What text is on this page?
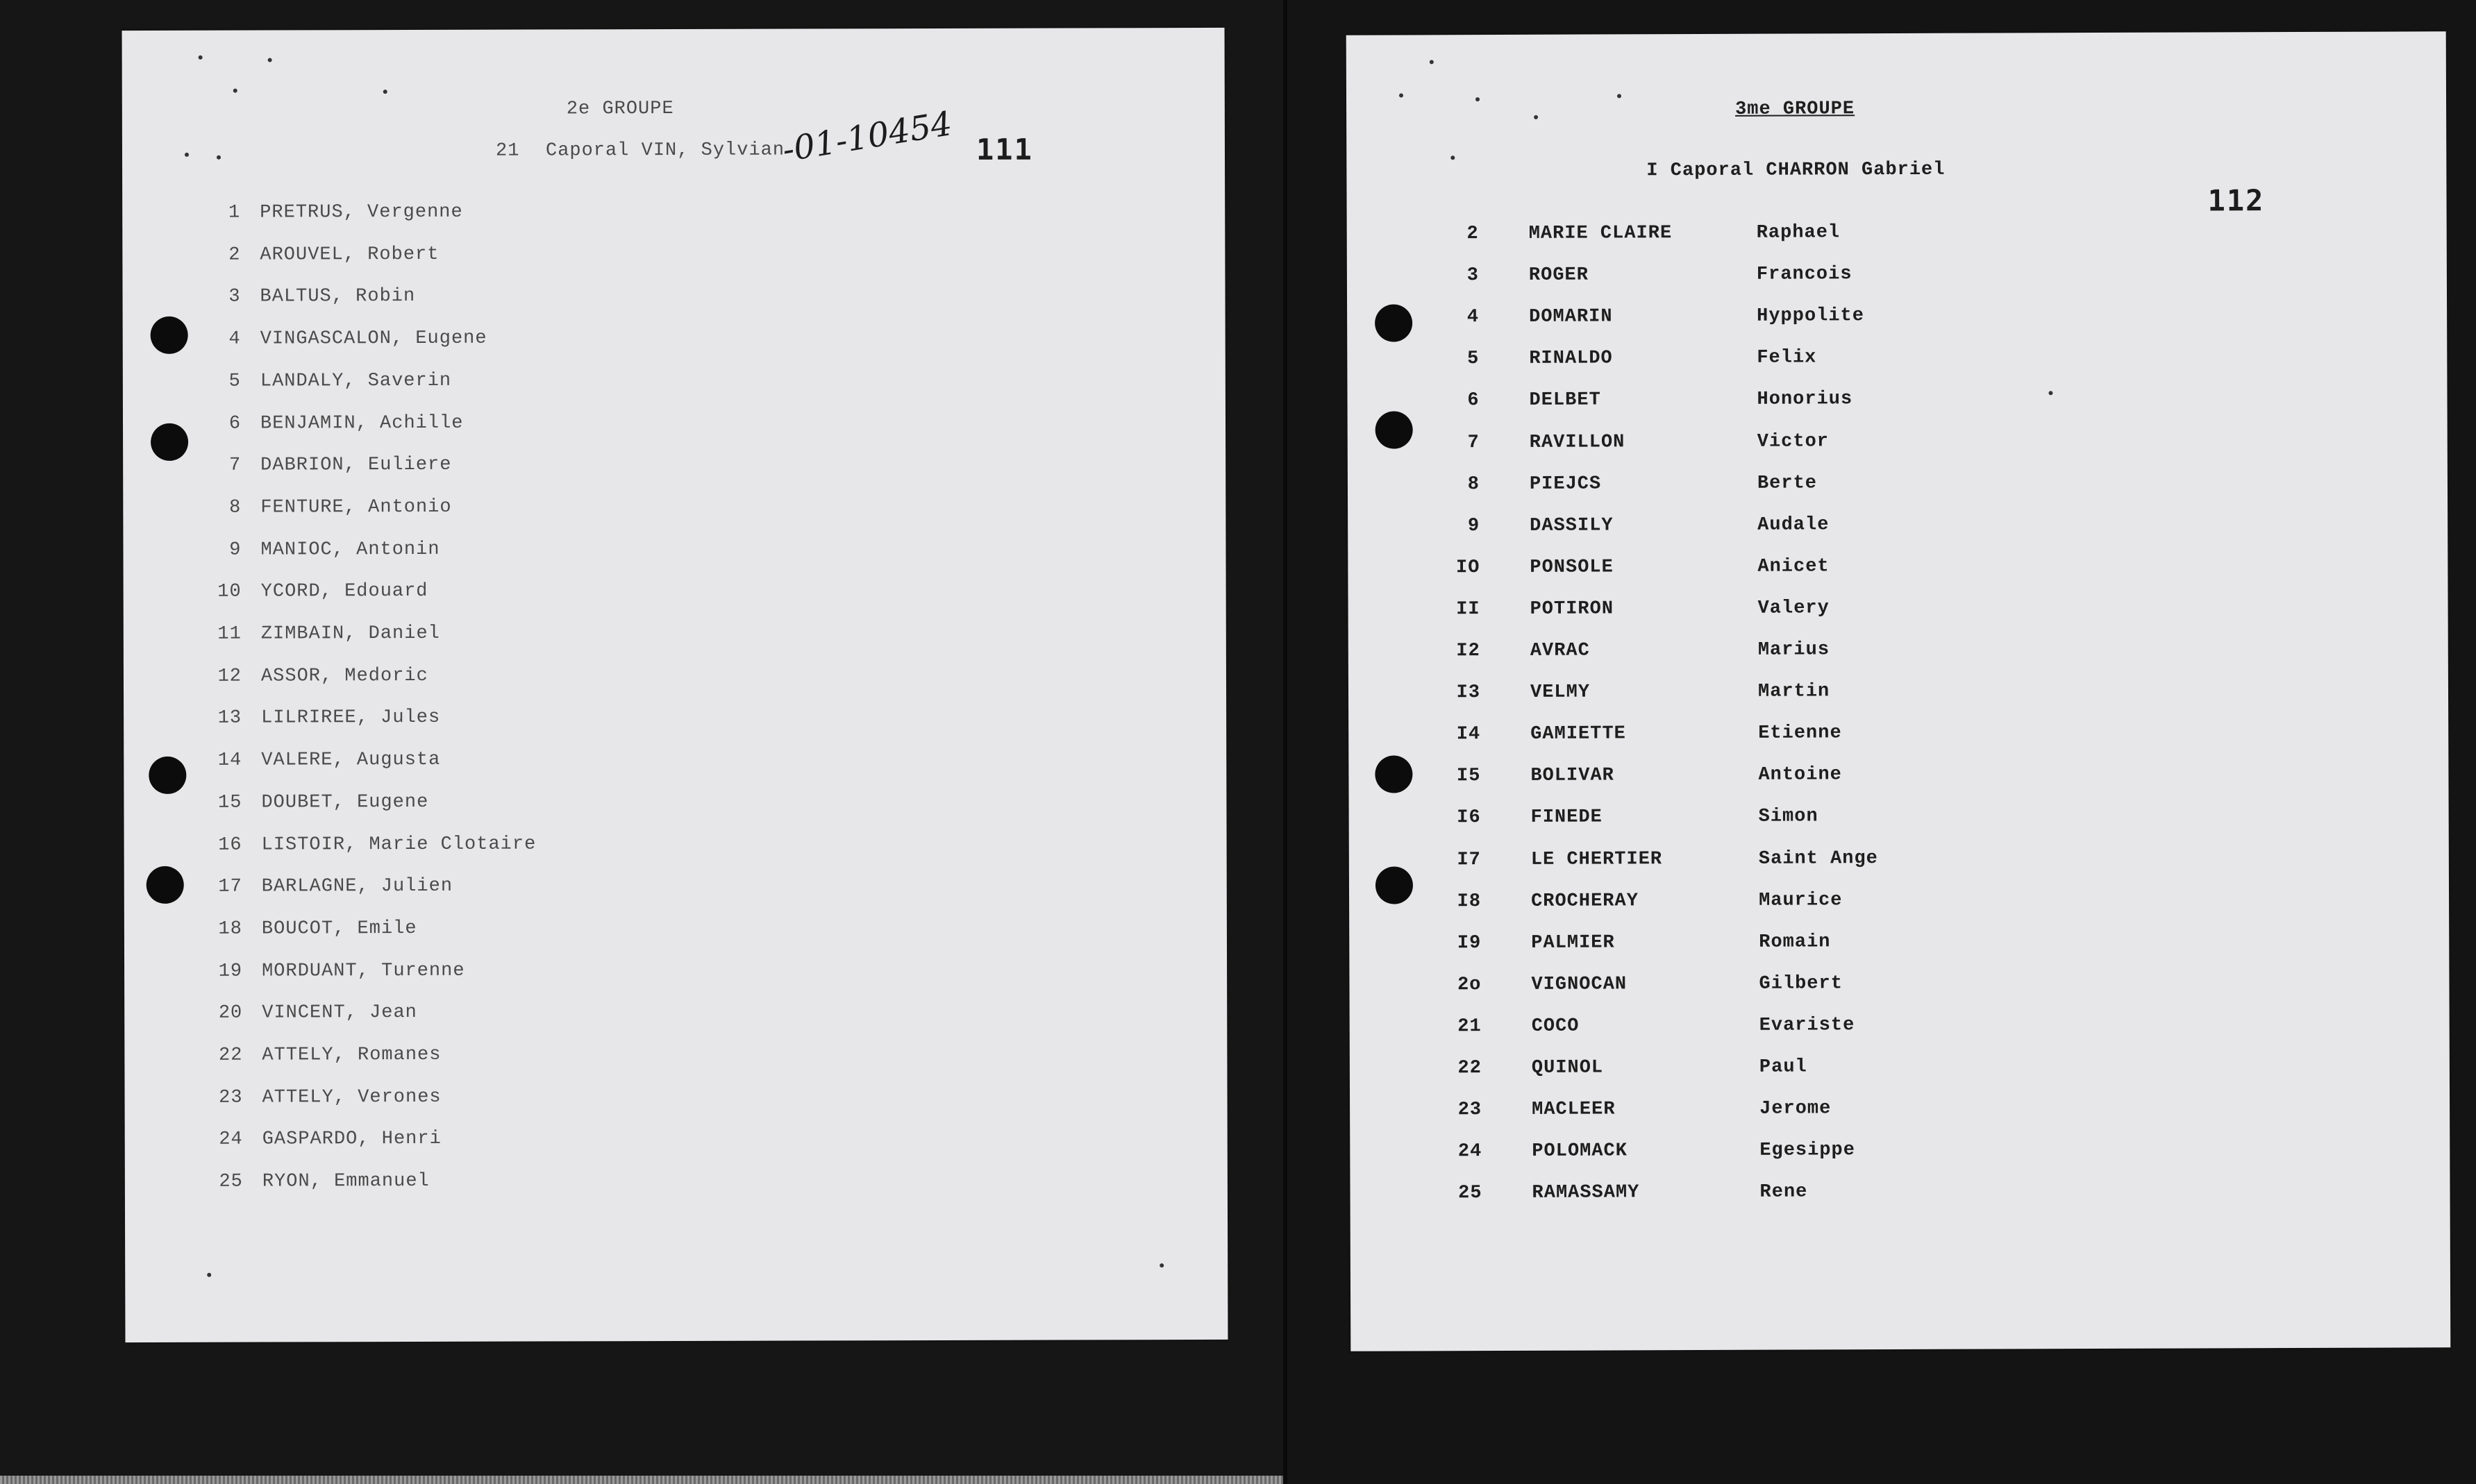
2e GROUPE
21 Caporal VIN, Sylvian
-01-10454 111
1 PRETRUS, Vergenne
2 AROUVEL, Robert
3 BALTUS, Robin
4 VINGASCALON, Eugene
5 LANDALY, Saverin
6 BENJAMIN, Achille
7 DABRION, Euliere
8 FENTURE, Antonio
9 MANIOC, Antonin
10 YCORD, Edouard
11 ZIMBAIN, Daniel
12 ASSOR, Medoric
13 LILRIREE, Jules
14 VALERE, Augusta
15 DOUBET, Eugene
16 LISTOIR, Marie Clotaire
17 BARLAGNE, Julien
18 BOUCOT, Emile
19 MORDUANT, Turenne
20 VINCENT, Jean
22 ATTELY, Romanes
23 ATTELY, Verones
24 GASPARDO, Henri
25 RYON, Emmanuel
3me GROUPE
I Caporal CHARRON Gabriel
112
2	MARIE CLAIRE	Raphael
3	ROGER	Francois
4	DOMARIN	Hyppolite
5	RINALDO	Felix
6	DELBET	Honorius
7	RAVILLON	Victor
8	PIEJCS	Berte
9	DASSILY	Audale
IO	PONSOLE	Anicet
II	POTIRON	Valery
I2	AVRAC	Marius
I3	VELMY	Martin
I4	GAMIETTE	Etienne
I5	BOLIVAR	Antoine
I6	FINEDE	Simon
I7	LE CHERTIER	Saint Ange
I8	CROCHERAY	Maurice
I9	PALMIER	Romain
2o	VIGNOCAN	Gilbert
21	COCO	Evariste
22	QUINOL	Paul
23	MACLEER	Jerome
24	POLOMACK	Egesippe
25	RAMASSAMY	Rene
